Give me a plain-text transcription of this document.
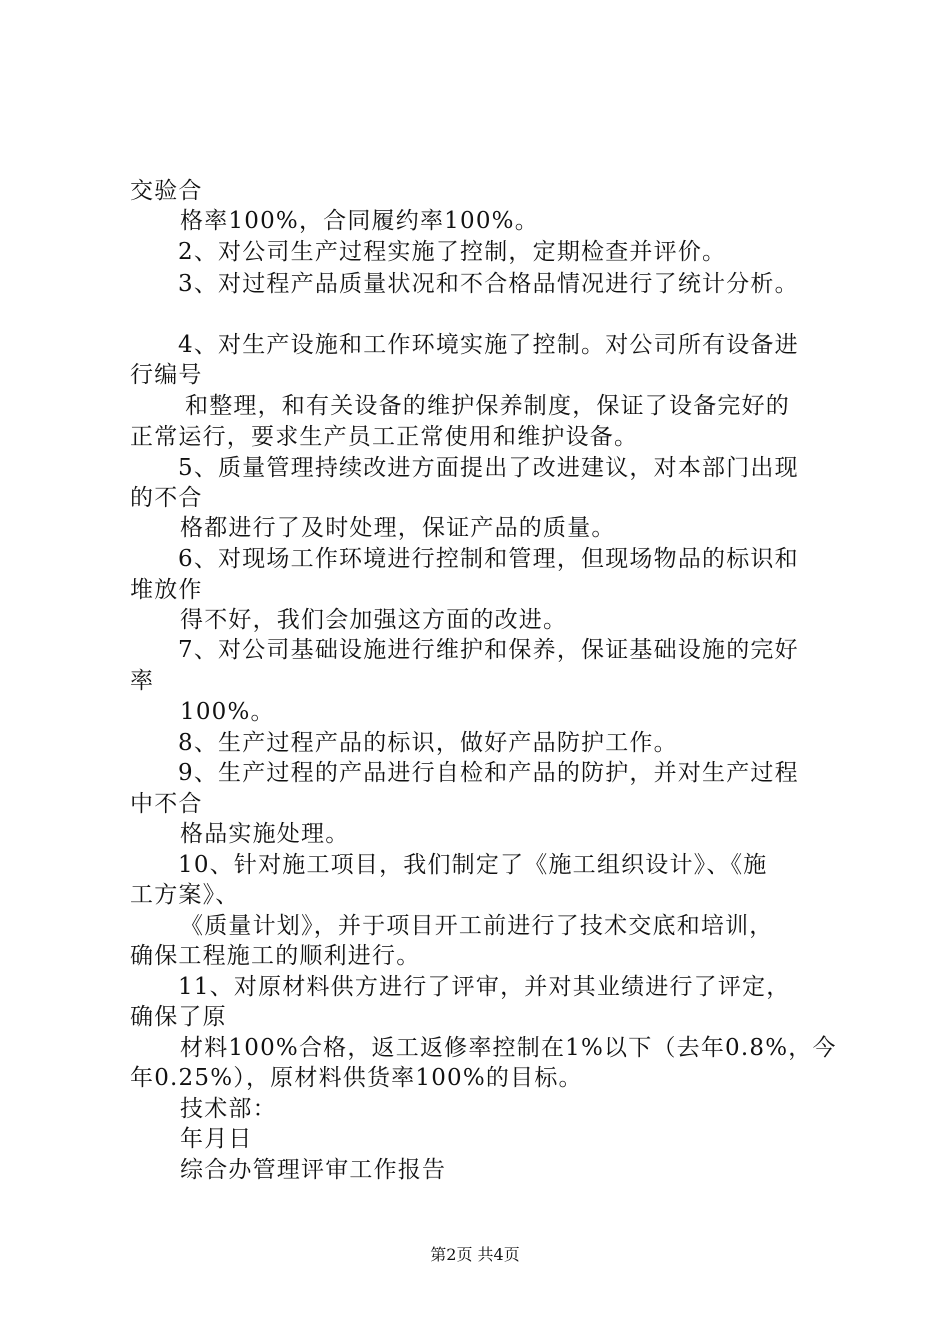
交验合
格率100%，合同履约率100%。
2、对公司生产过程实施了控制，定期检查并评价。
3、对过程产品质量状况和不合格品情况进行了统计分析。
4、对生产设施和工作环境实施了控制。对公司所有设备进
行编号
和整理，和有关设备的维护保养制度，保证了设备完好的
正常运行，要求生产员工正常使用和维护设备。
5、质量管理持续改进方面提出了改进建议，对本部门出现
的不合
格都进行了及时处理，保证产品的质量。
6、对现场工作环境进行控制和管理，但现场物品的标识和
堆放作
得不好，我们会加强这方面的改进。
7、对公司基础设施进行维护和保养，保证基础设施的完好
率
100%。
8、生产过程产品的标识，做好产品防护工作。
9、生产过程的产品进行自检和产品的防护，并对生产过程
中不合
格品实施处理。
10、针对施工项目，我们制定了《施工组织设计》、《施
工方案》、
《质量计划》，并于项目开工前进行了技术交底和培训，
确保工程施工的顺利进行。
11、对原材料供方进行了评审，并对其业绩进行了评定，
确保了原
材料100%合格，返工返修率控制在1%以下（去年0.8%，今
年0.25%），原材料供货率100%的目标。
技术部：
年月日
综合办管理评审工作报告
第2页 共4页
